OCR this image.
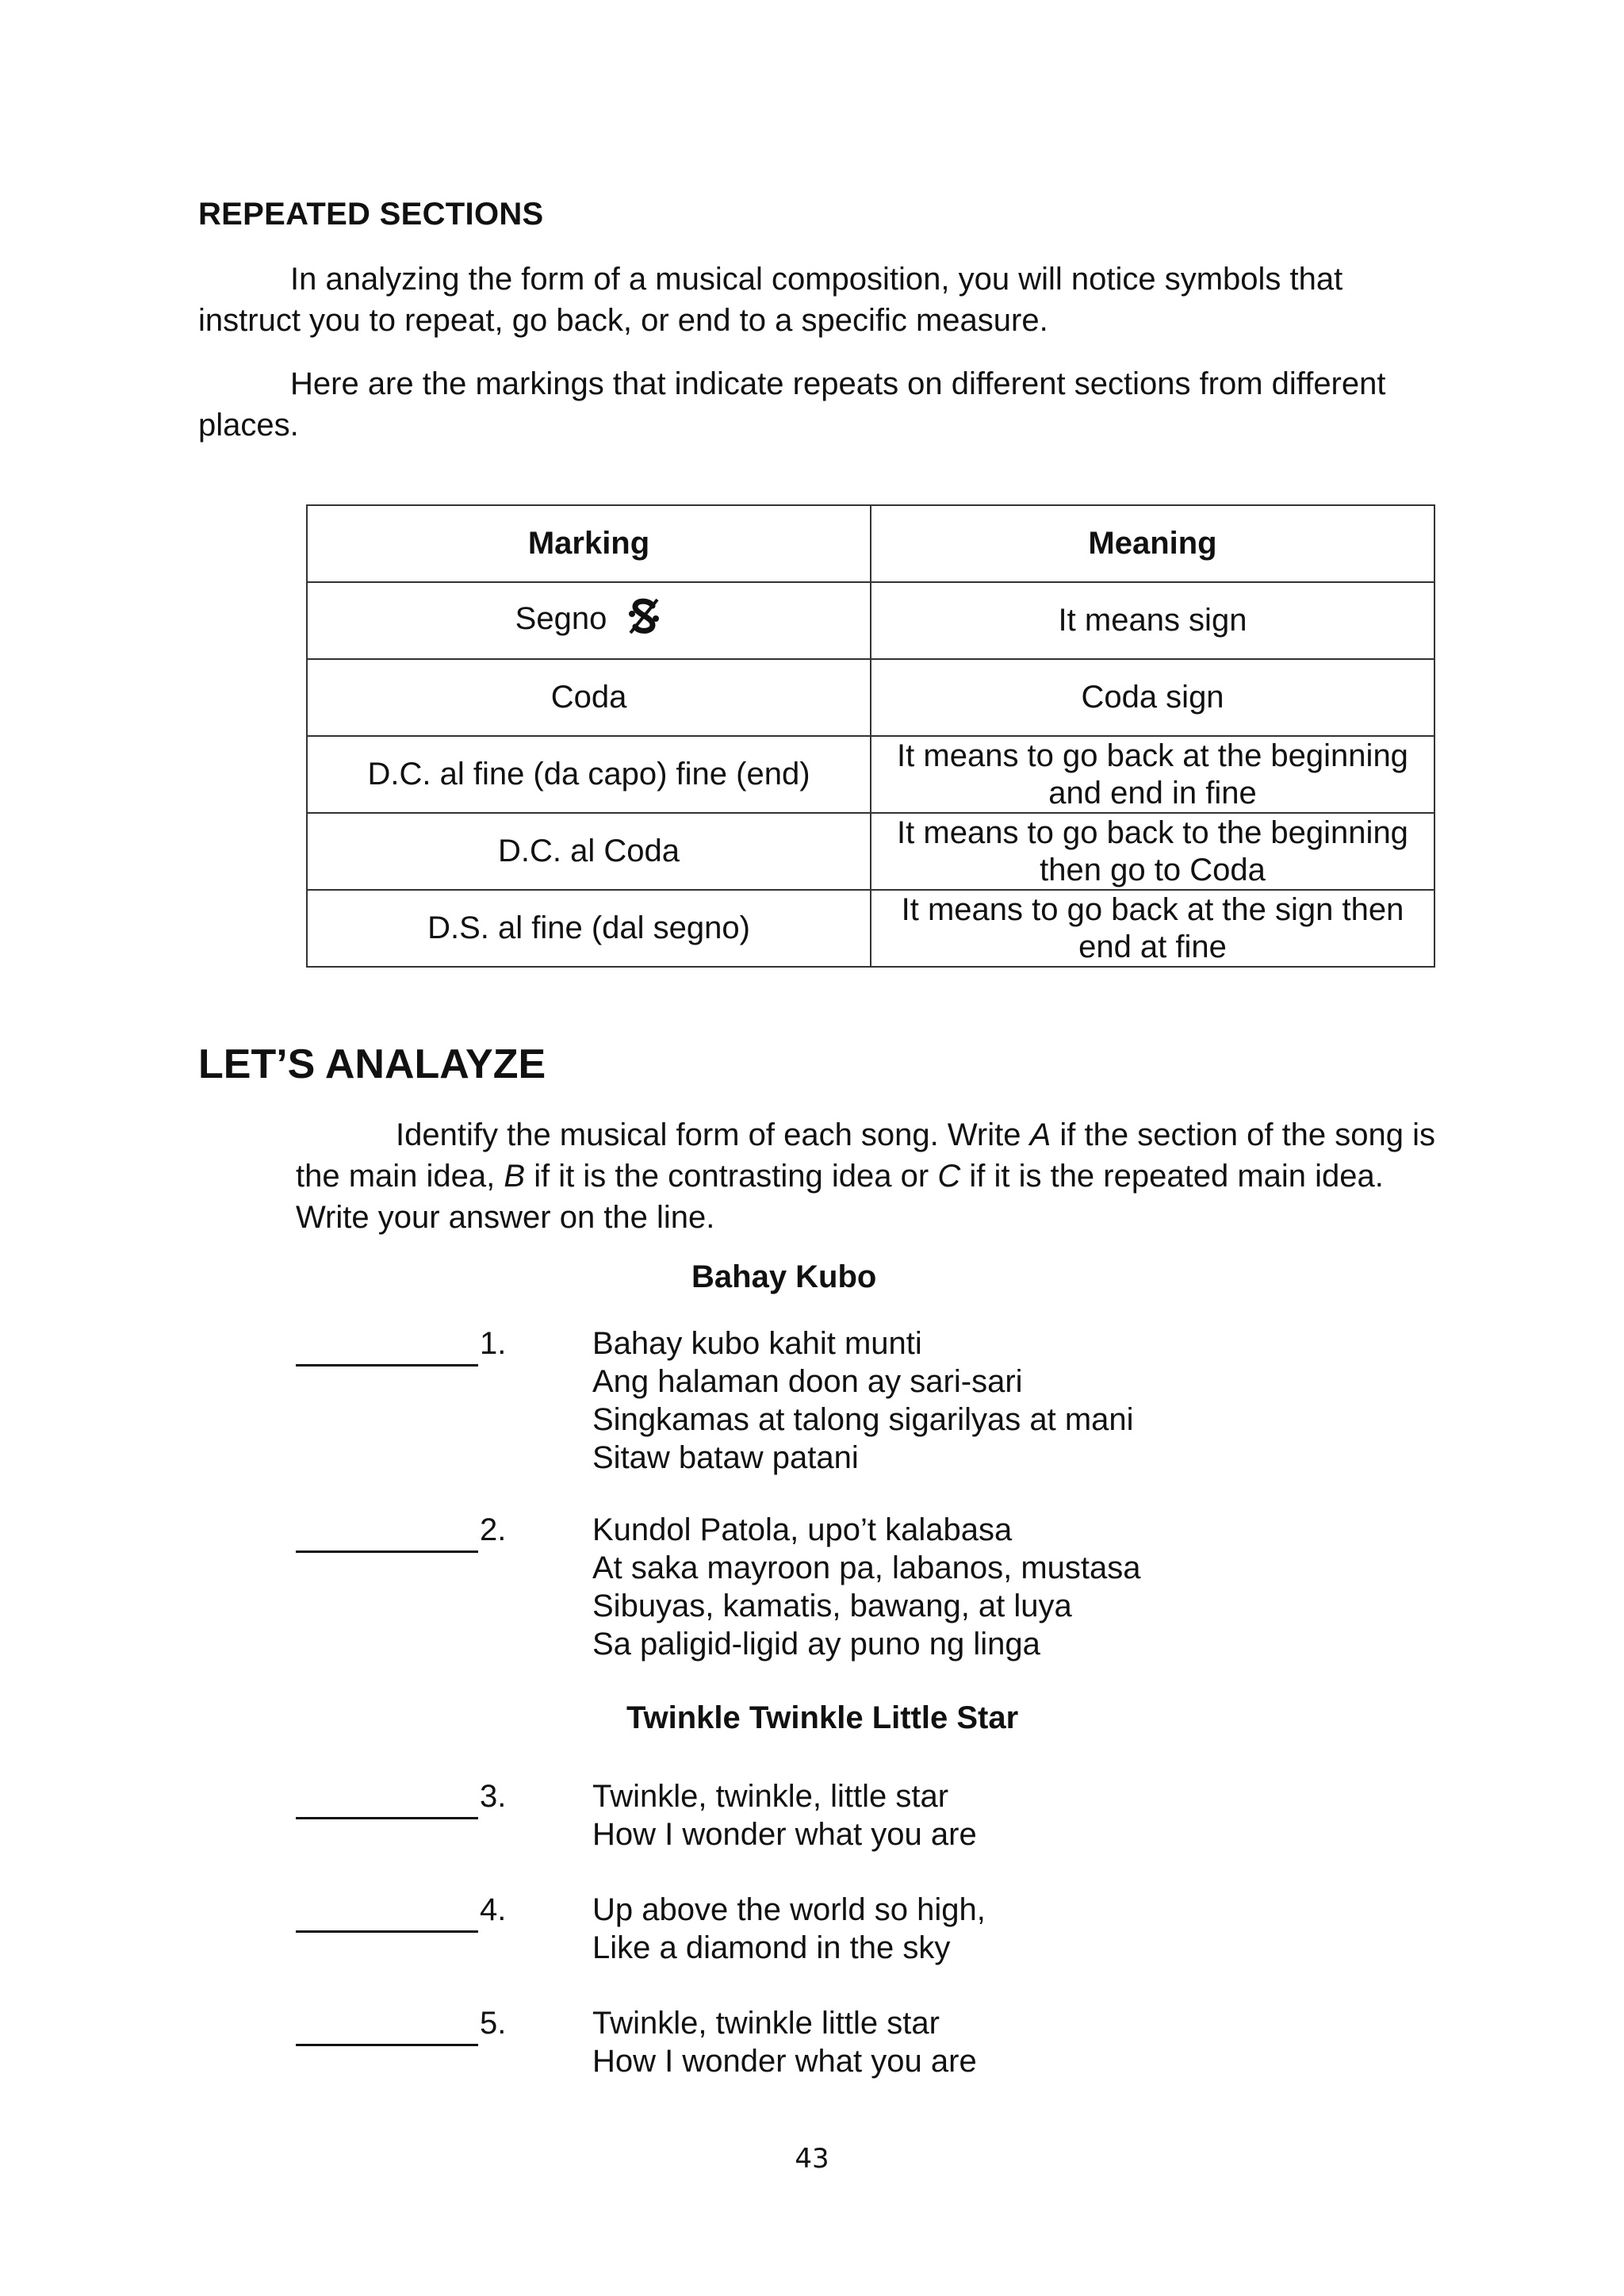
REPEATED SECTIONS

In analyzing the form of a musical composition, you will notice symbols that instruct you to repeat, go back, or end to a specific measure.

Here are the markings that indicate repeats on different sections from different places.

Marking	Meaning
Segno	It means sign
Coda	Coda sign
D.C. al fine (da capo) fine (end)	It means to go back at the beginning and end in fine
D.C. al Coda	It means to go back to the beginning then go to Coda
D.S. al fine (dal segno)	It means to go back at the sign then end at fine
LET’S ANALAYZE

Identify the musical form of each song. Write A if the section of the song is the main idea, B if it is the contrasting idea or C if it is the repeated main idea. Write your answer on the line.

Bahay Kubo
1.	Bahay kubo kahit munti
Ang halaman doon ay sari-sari
Singkamas at talong sigarilyas at mani
Sitaw bataw patani
2.	Kundol Patola, upo’t kalabasa
At saka mayroon pa, labanos, mustasa
Sibuyas, kamatis, bawang, at luya
Sa paligid-ligid ay puno ng linga
Twinkle Twinkle Little Star
3.	Twinkle, twinkle, little star
How I wonder what you are
4.	Up above the world so high,
Like a diamond in the sky
5.	Twinkle, twinkle little star
How I wonder what you are
43
